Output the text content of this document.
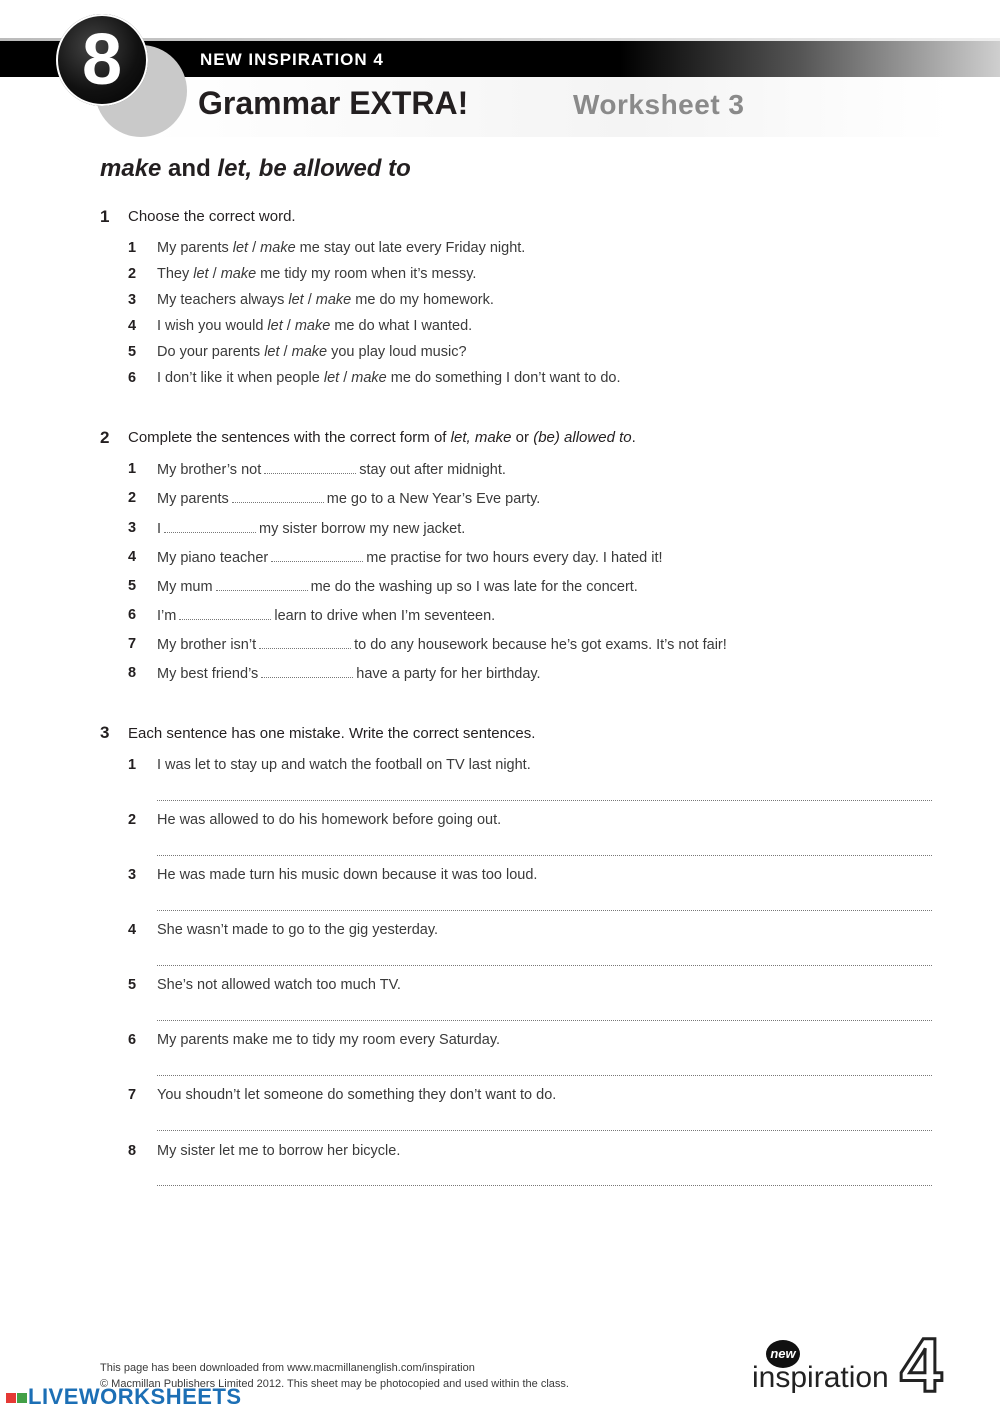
8	NEW INSPIRATION 4
Grammar EXTRA!	Worksheet 3
make and let, be allowed to
1 Choose the correct word.
1 My parents let / make me stay out late every Friday night.
2 They let / make me tidy my room when it’s messy.
3 My teachers always let / make me do my homework.
4 I wish you would let / make me do what I wanted.
5 Do your parents let / make you play loud music?
6 I don’t like it when people let / make me do something I don’t want to do.
2 Complete the sentences with the correct form of let, make or (be) allowed to.
1 My brother’s not	stay out after midnight.
2 My parents	me go to a New Year’s Eve party.
3 I	my sister borrow my new jacket.
4 My piano teacher	me practise for two hours every day. I hated it!
5 My mum	me do the washing up so I was late for the concert.
6 I’m	learn to drive when I’m seventeen.
7 My brother isn’t	to do any housework because he’s got exams. It’s not fair!
8 My best friend’s	have a party for her birthday.
3 Each sentence has one mistake. Write the correct sentences.
1 I was let to stay up and watch the football on TV last night.
2 He was allowed to do his homework before going out.
3 He was made turn his music down because it was too loud.
4 She wasn’t made to go to the gig yesterday.
5 She’s not allowed watch too much TV.
6 My parents make me to tidy my room every Saturday.
7 You shoudn’t let someone do something they don’t want to do.
8 My sister let me to borrow her bicycle.
This page has been downloaded from www.macmillanenglish.com/inspiration
© Macmillan Publishers Limited 2012. This sheet may be photocopied and used within the class.
LIVEWORKSHEETS
new
inspiration 4
